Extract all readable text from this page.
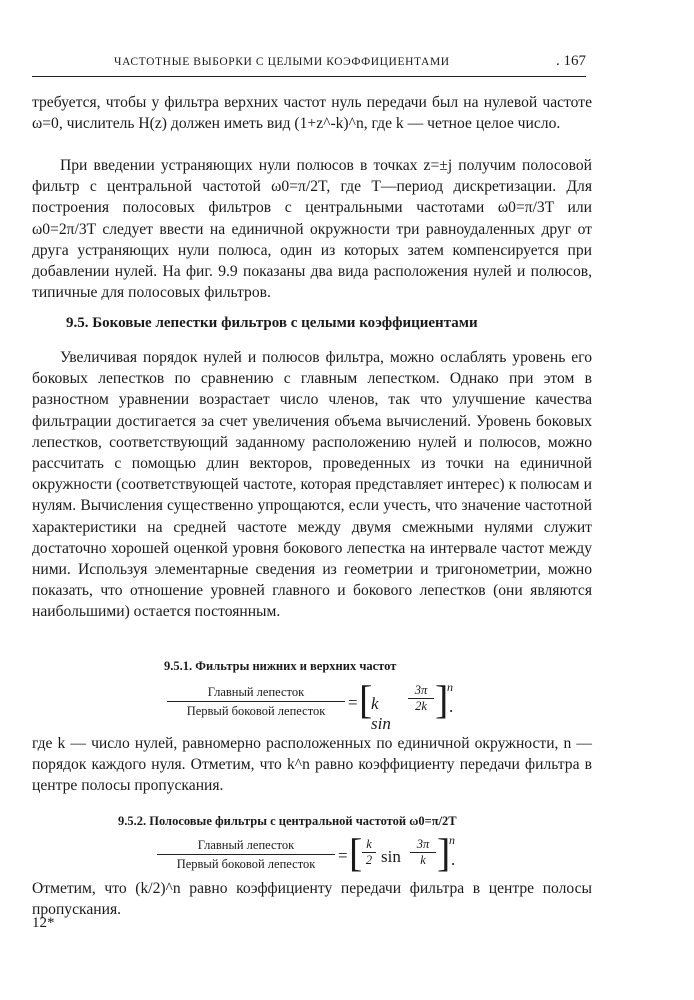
ЧАСТОТНЫЕ ВЫБОРКИ С ЦЕЛЫМИ КОЭФФИЦИЕНТАМИ	. 167

требуется, чтобы у фильтра верхних частот нуль передачи был на нулевой частоте ω=0, числитель H(z) должен иметь вид (1+z^-k)^n, где k — четное целое число.

При введении устраняющих нули полюсов в точках z=±j получим полосовой фильтр с центральной частотой ω0=π/2T, где T—период дискретизации. Для построения полосовых фильтров с центральными частотами ω0=π/3T или ω0=2π/3T следует ввести на единичной окружности три равноудаленных друг от друга устраняющих нули полюса, один из которых затем компенсируется при добавлении нулей. На фиг. 9.9 показаны два вида расположения нулей и полюсов, типичные для полосовых фильтров.

9.5. Боковые лепестки фильтров с целыми коэффициентами

Увеличивая порядок нулей и полюсов фильтра, можно ослаблять уровень его боковых лепестков по сравнению с главным лепестком. Однако при этом в разностном уравнении возрастает число членов, так что улучшение качества фильтрации достигается за счет увеличения объема вычислений. Уровень боковых лепестков, соответствующий заданному расположению нулей и полюсов, можно рассчитать с помощью длин векторов, проведенных из точки на единичной окружности (соответствующей частоте, которая представляет интерес) к полюсам и нулям. Вычисления существенно упрощаются, если учесть, что значение частотной характеристики на средней частоте между двумя смежными нулями служит достаточно хорошей оценкой уровня бокового лепестка на интервале частот между ними. Используя элементарные сведения из геометрии и тригонометрии, можно показать, что отношение уровней главного и бокового лепестков (они являются наибольшими) остается постоянным.

9.5.1. Фильтры нижних и верхних частот
Главный лепесток
Первый боковой лепесток	= [
k sin
$\frac{3\pi}{2k}$ ]
n
.

где k — число нулей, равномерно расположенных по единичной окружности, n — порядок каждого нуля. Отметим, что k^n равно коэффициенту передачи фильтра в центре полосы пропускания.

9.5.2. Полосовые фильтры с центральной частотой ω0=π/2T
Главный лепесток
Первый боковой лепесток	= [ $\frac{k}{2}$ $\sin \frac{3\pi}{k}$ ]
n
.

Отметим, что (k/2)^n равно коэффициенту передачи фильтра в центре полосы пропускания.

12*
